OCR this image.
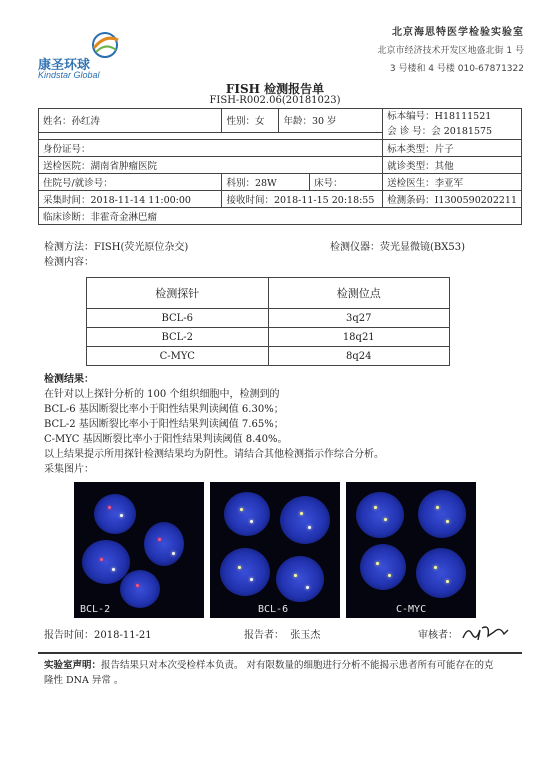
康圣环球
Kindstar Global
北京海思特医学检验实验室
北京市经济技术开发区地盛北街 1 号
3 号楼和 4 号楼 010-67871322
FISH 检测报告单
FISH-R002.06(20181023)
姓名：孙红涛	性别：女	年龄：30 岁		标本编号：H18111521
会 诊 号：会 20181575

身份证号：				标本类型：片子
送检医院：湖南省肿瘤医院				就诊类型：其他
住院号/就诊号：	科别：28W		床号：	送检医生：李亚军
采集时间：2018-11-14 11:00:00	接收时间：2018-11-15 20:18:55			检测条码：I1300590202211
临床诊断：非霍奇金淋巴瘤				
检测方法：FISH(荧光原位杂交)	检测仪器：荧光显微镜(BX53)
检测内容：
检测探针	检测位点
BCL-6	3q27
BCL-2	18q21
C-MYC	8q24
检测结果：
在针对以上探针分析的 100 个组织细胞中，检测到的
BCL-6 基因断裂比率小于阳性结果判读阈值 6.30%；
BCL-2 基因断裂比率小于阳性结果判读阈值 7.65%；
C-MYC 基因断裂比率小于阳性结果判读阈值 8.40%。
以上结果提示所用探针检测结果均为阴性。请结合其他检测指示作综合分析。
采集图片：
BCL-2	BCL-6	C-MYC
报告时间：2018-11-21	报告者：  张玉杰	审核者：
实验室声明：报告结果只对本次受检样本负责。 对有限数量的细胞进行分析不能揭示患者所有可能存在的克
隆性 DNA 异常 。
